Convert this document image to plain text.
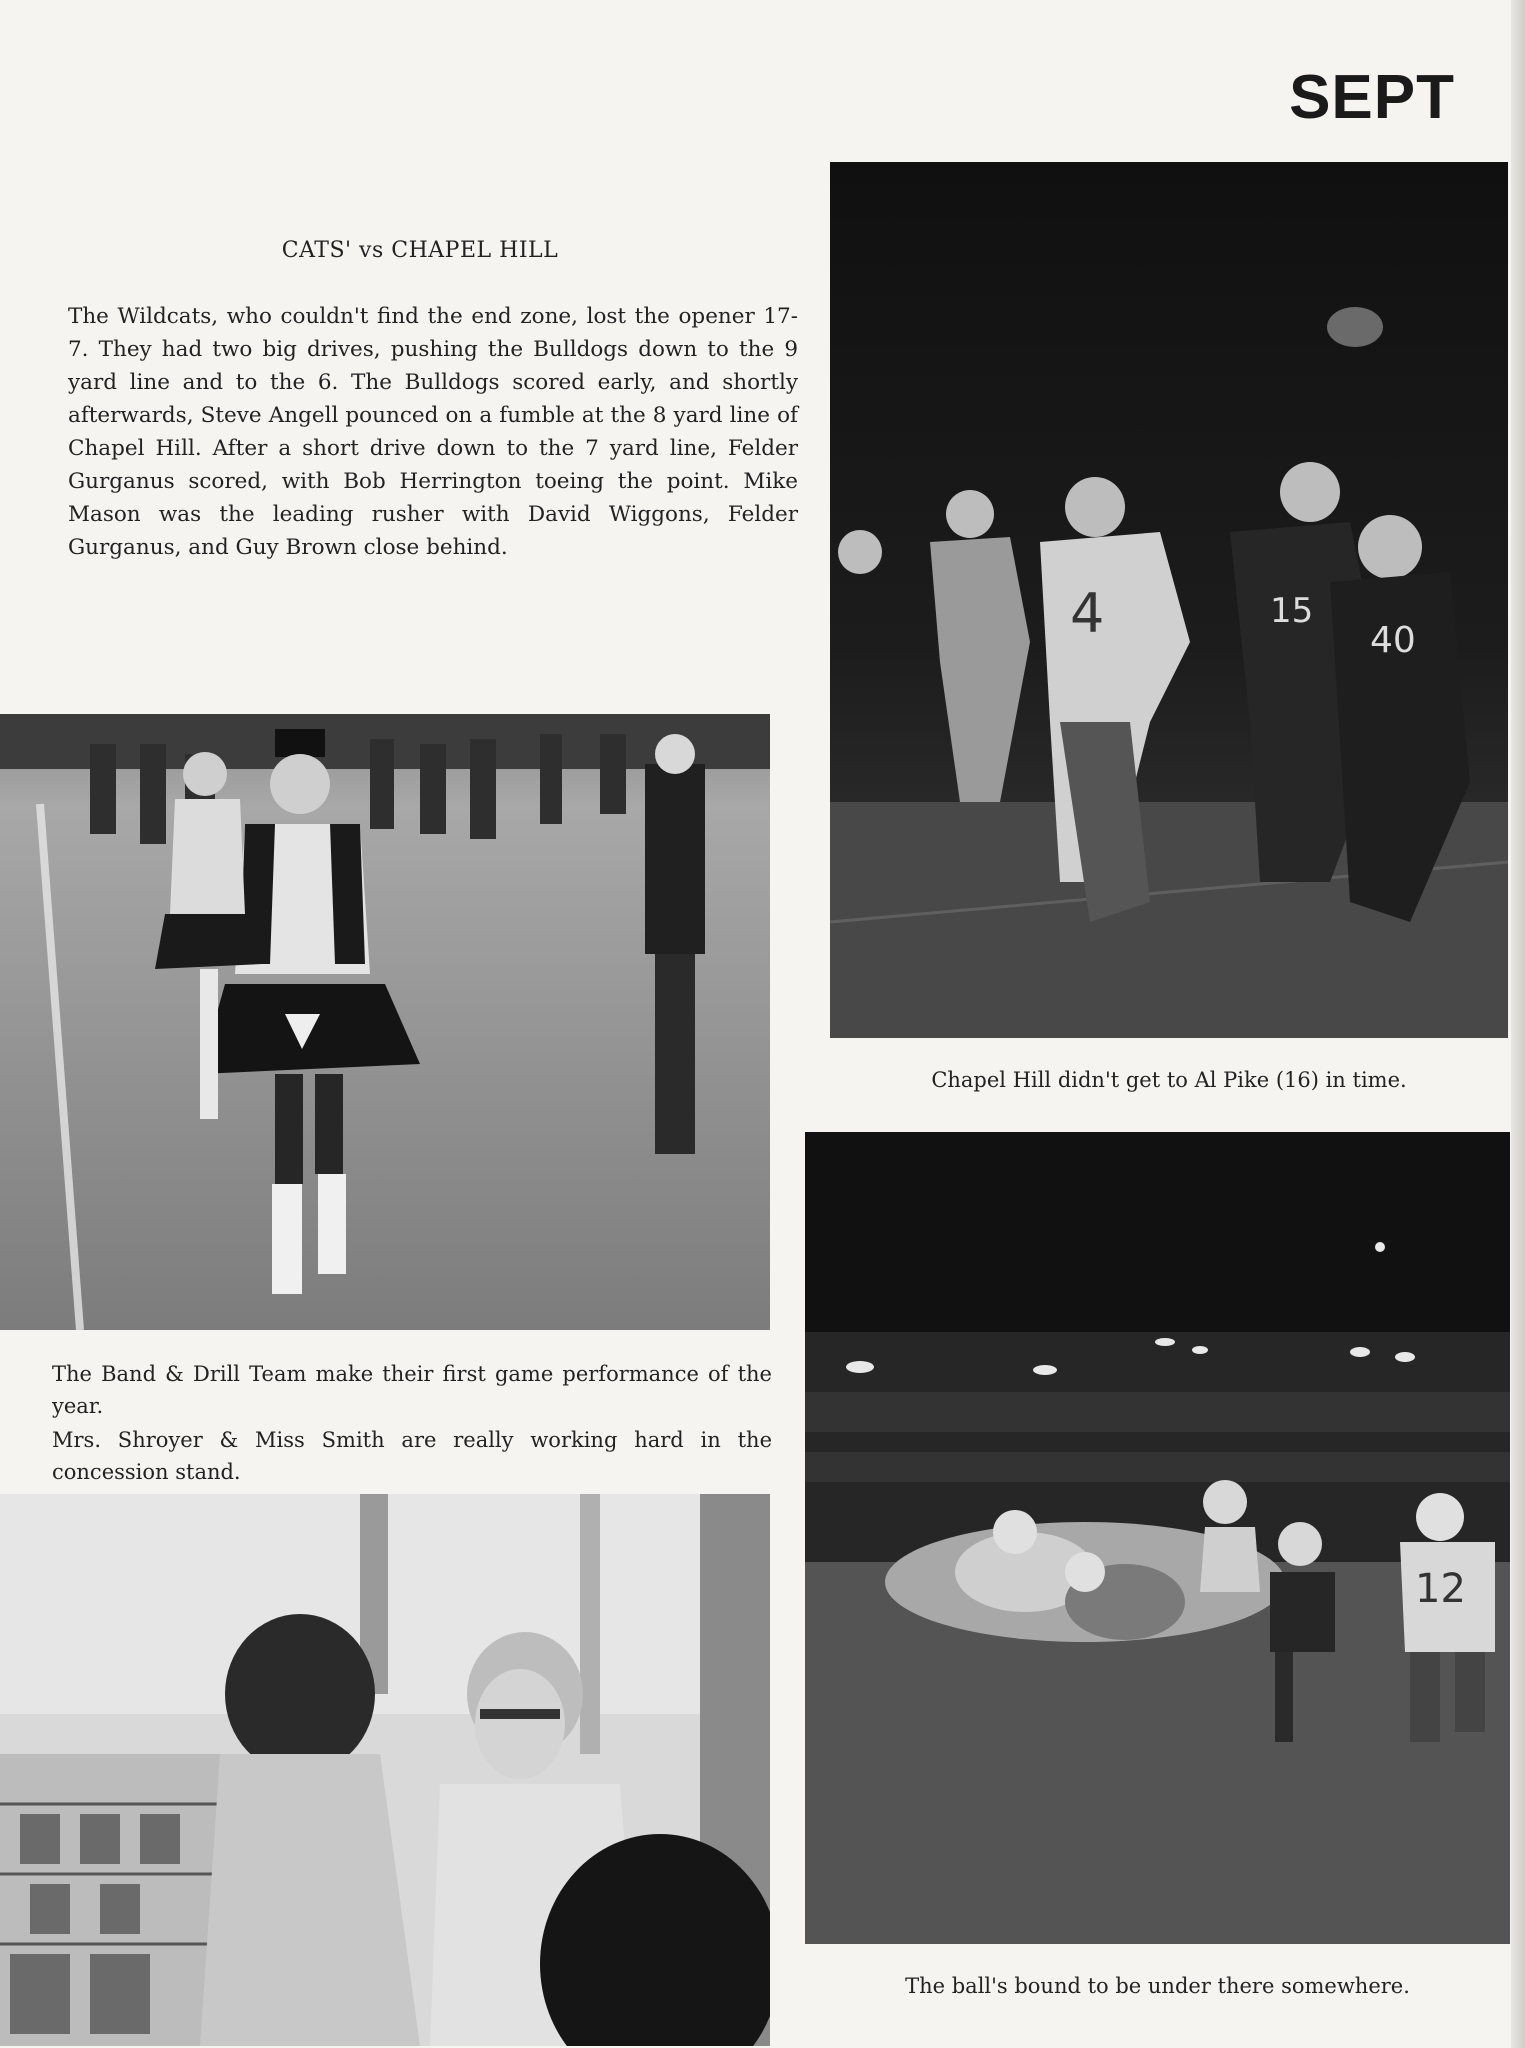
SEPT
CATS' vs CHAPEL HILL

The Wildcats, who couldn't find the end zone, lost the opener 17-7. They had two big drives, pushing the Bulldogs down to the 9 yard line and to the 6. The Bulldogs scored early, and shortly afterwards, Steve Angell pounced on a fumble at the 8 yard line of Chapel Hill. After a short drive down to the 7 yard line, Felder Gurganus scored, with Bob Herrington toeing the point. Mike Mason was the leading rusher with David Wiggons, Felder Gurganus, and Guy Brown close behind.

15
40
4

Chapel Hill didn't get to Al Pike (16) in time.

The Band & Drill Team make their first game performance of the year.

Mrs. Shroyer & Miss Smith are really working hard in the concession stand.

12

The ball's bound to be under there somewhere.
